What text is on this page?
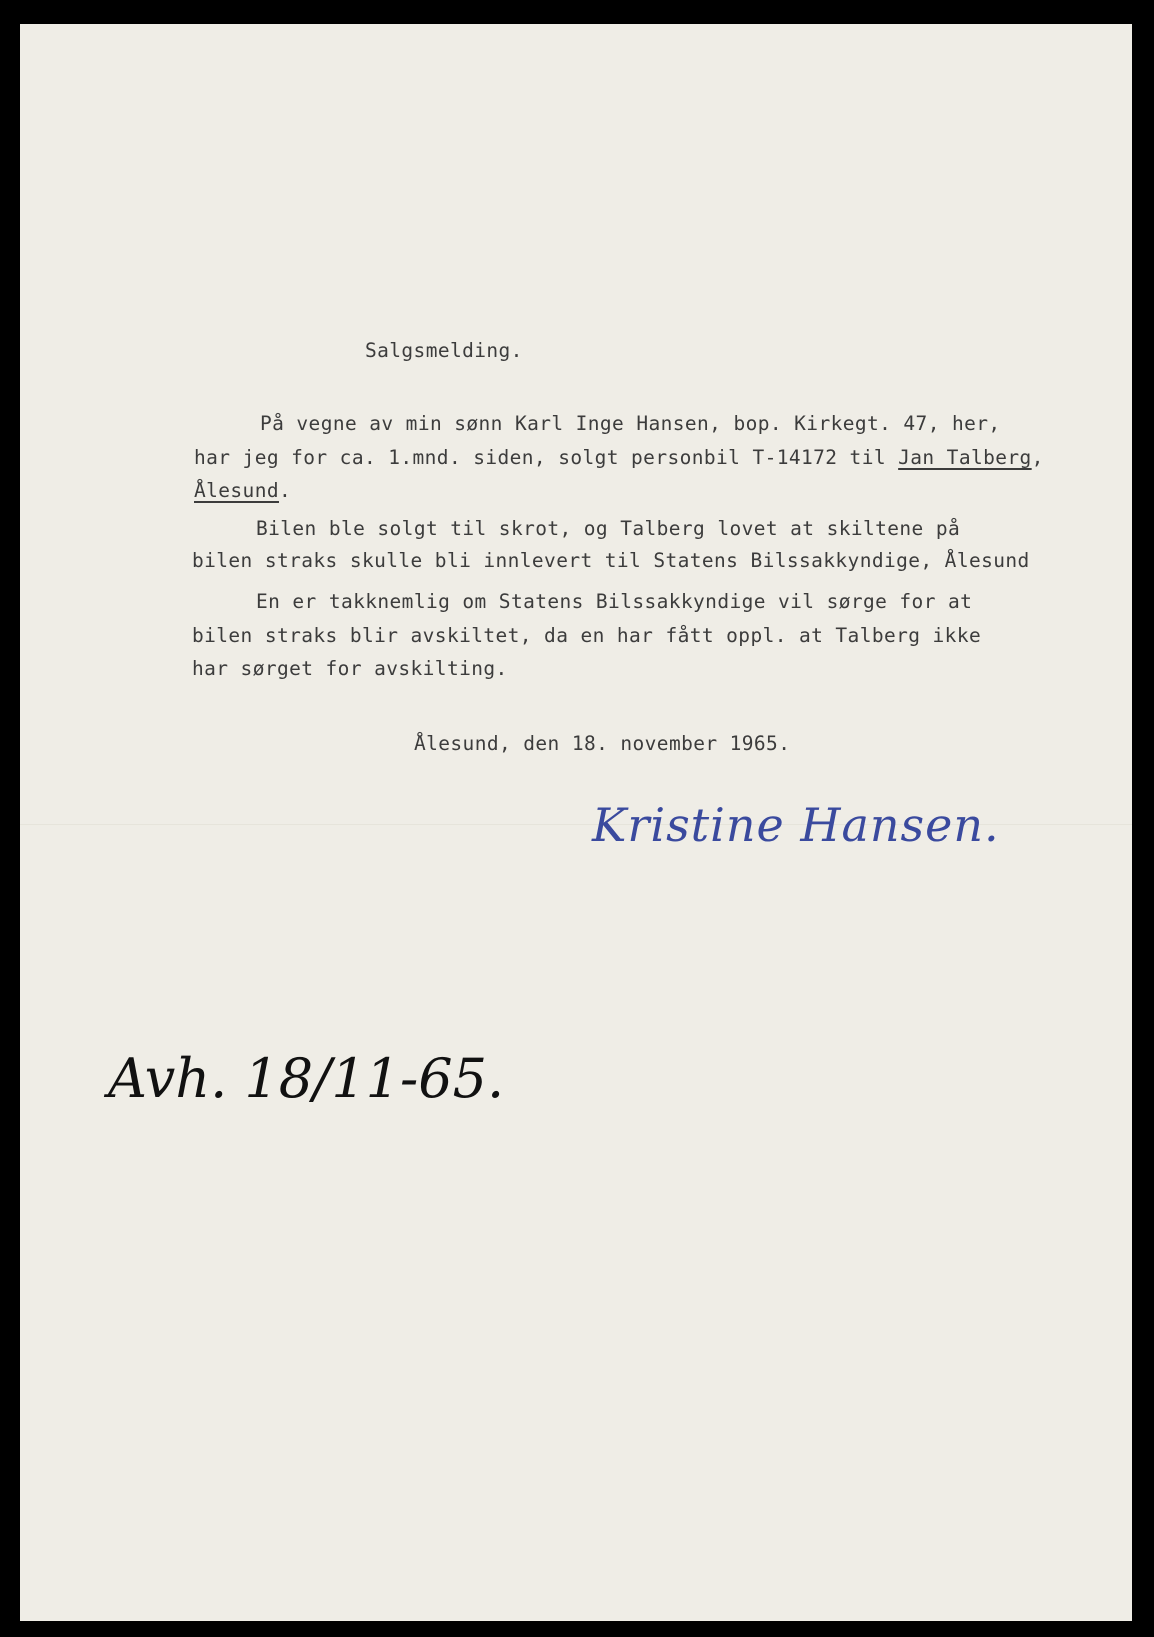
Salgsmelding.
På vegne av min sønn Karl Inge Hansen, bop. Kirkegt. 47, her,
har jeg for ca. 1.mnd. siden, solgt personbil T-14172 til Jan Talberg,
Ålesund.
Bilen ble solgt til skrot, og Talberg lovet at skiltene på
bilen straks skulle bli innlevert til Statens Bilssakkyndige, Ålesund
En er takknemlig om Statens Bilssakkyndige vil sørge for at
bilen straks blir avskiltet, da en har fått oppl. at Talberg ikke
har sørget for avskilting.
Ålesund, den 18. november 1965.
Kristine Hansen.
Avh. 18/11-65.
